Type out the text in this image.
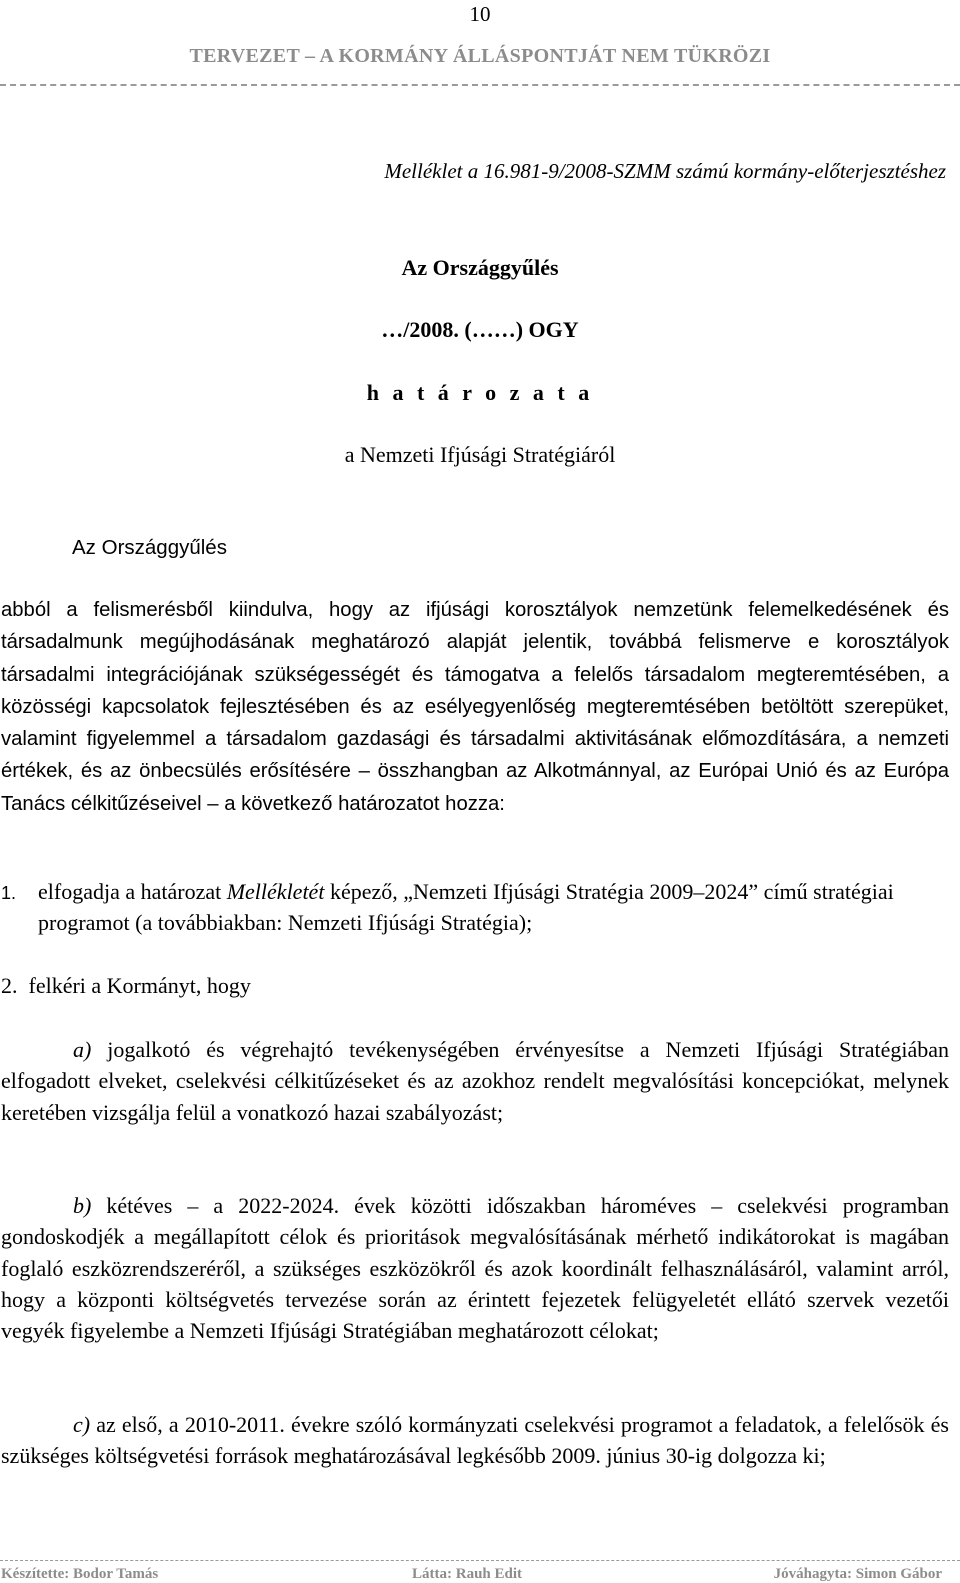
10
TERVEZET – A KORMÁNY ÁLLÁSPONTJÁT NEM TÜKRÖZI
Melléklet a 16.981-9/2008-SZMM számú kormány-előterjesztéshez
Az Országgyűlés
…/2008. (……) OGY
h a t á r o z a t a
a Nemzeti Ifjúsági Stratégiáról
Az Országgyűlés
abból a felismerésből kiindulva, hogy az ifjúsági korosztályok nemzetünk felemelkedésének és társadalmunk megújhodásának meghatározó alapját jelentik, továbbá felismerve e korosztályok társadalmi integrációjának szükségességét és támogatva a felelős társadalom megteremtésében, a közösségi kapcsolatok fejlesztésében és az esélyegyenlőség megteremtésében betöltött szerepüket, valamint figyelemmel a társadalom gazdasági és társadalmi aktivitásának előmozdítására, a nemzeti értékek, és az önbecsülés erősítésére – összhangban az Alkotmánnyal, az Európai Unió és az Európa Tanács célkitűzéseivel – a következő határozatot hozza:
1. elfogadja a határozat Mellékletét képező, „Nemzeti Ifjúsági Stratégia 2009–2024” című stratégiai programot (a továbbiakban: Nemzeti Ifjúsági Stratégia);
2. felkéri a Kormányt, hogy
a) jogalkotó és végrehajtó tevékenységében érvényesítse a Nemzeti Ifjúsági Stratégiában elfogadott elveket, cselekvési célkitűzéseket és az azokhoz rendelt megvalósítási koncepciókat, melynek keretében vizsgálja felül a vonatkozó hazai szabályozást;
b) kétéves – a 2022-2024. évek közötti időszakban hároméves – cselekvési programban gondoskodjék a megállapított célok és prioritások megvalósításának mérhető indikátorokat is magában foglaló eszközrendszeréről, a szükséges eszközökről és azok koordinált felhasználásáról, valamint arról, hogy a központi költségvetés tervezése során az érintett fejezetek felügyeletét ellátó szervek vezetői vegyék figyelembe a Nemzeti Ifjúsági Stratégiában meghatározott célokat;
c) az első, a 2010-2011. évekre szóló kormányzati cselekvési programot a feladatok, a felelősök és szükséges költségvetési források meghatározásával legkésőbb 2009. június 30-ig dolgozza ki;
Készítette: Bodor Tamás	Látta: Rauh Edit	Jóváhagyta: Simon Gábor
